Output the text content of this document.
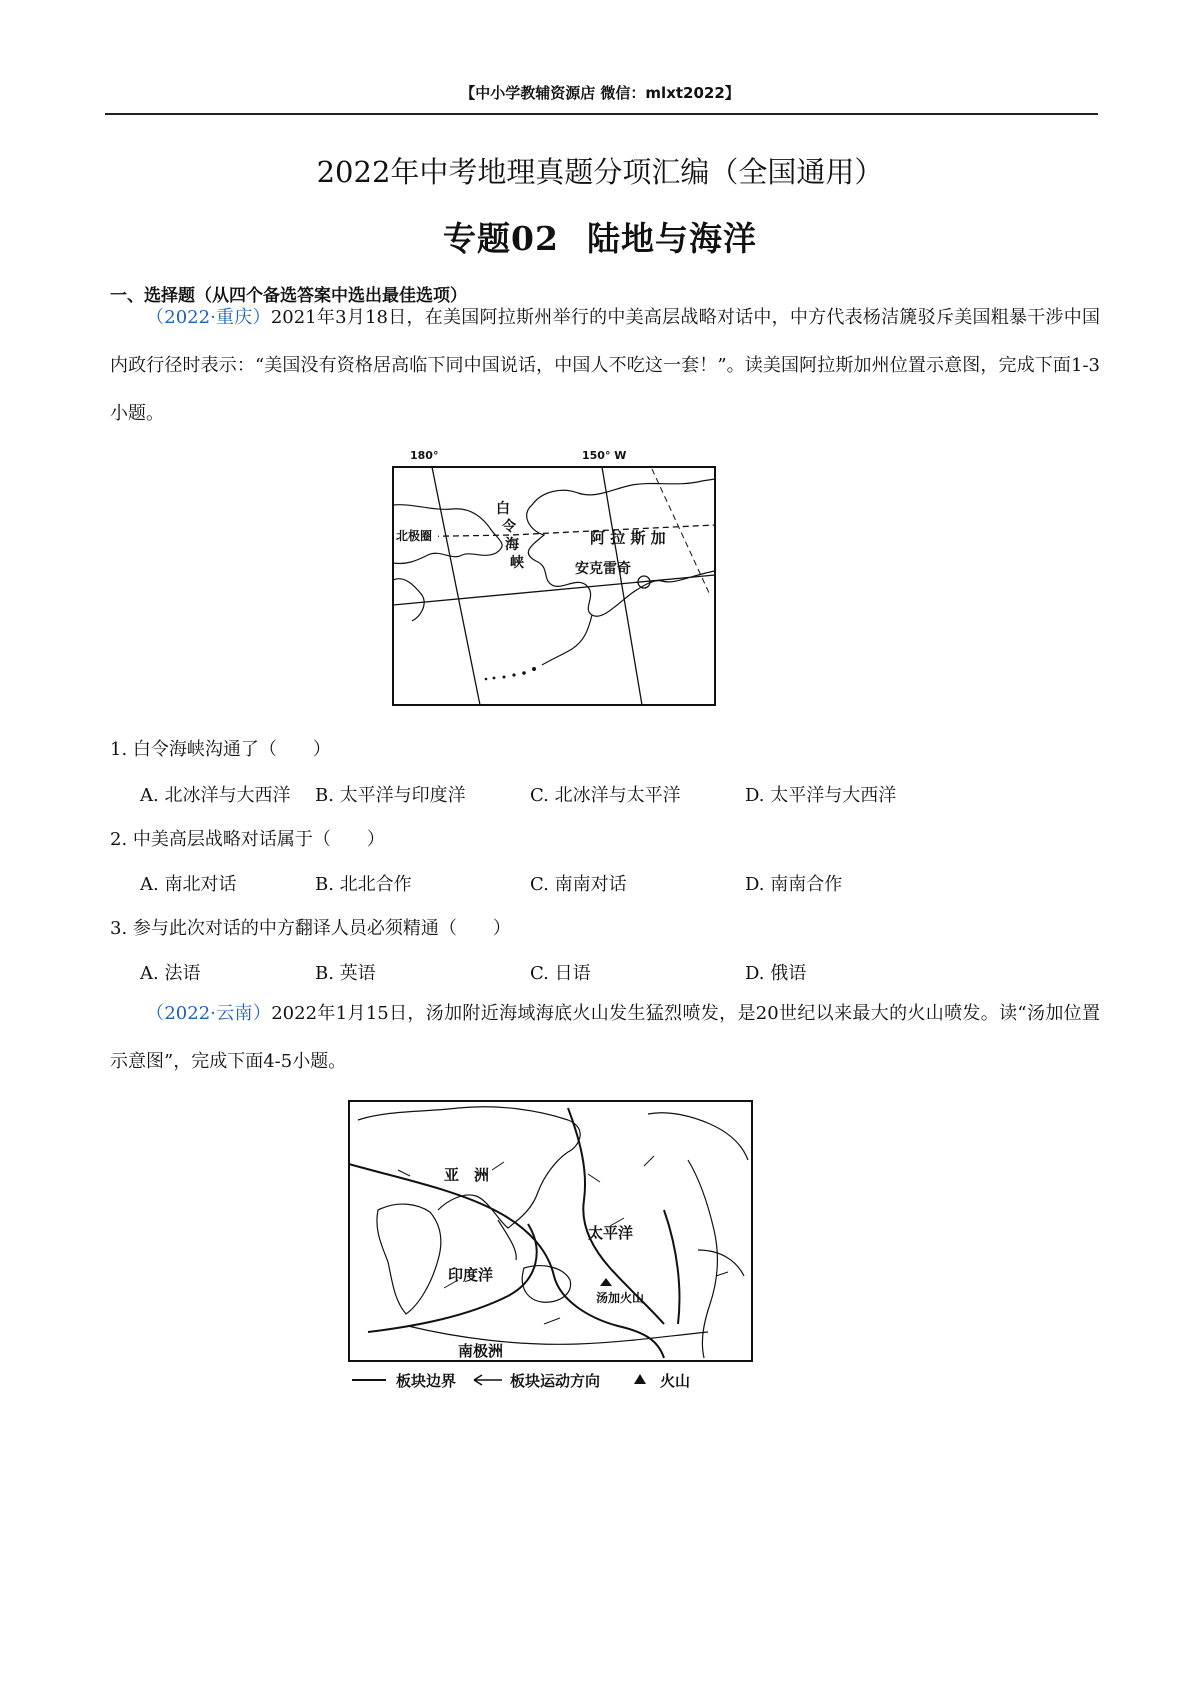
【中小学教辅资源店 微信：mlxt2022】
2022年中考地理真题分项汇编（全国通用）
专题02 陆地与海洋
一、选择题（从四个备选答案中选出最佳选项）
（2022·重庆）2021年3月18日，在美国阿拉斯州举行的中美高层战略对话中，中方代表杨洁篪驳斥美国粗暴干涉中国内政行径时表示：“美国没有资格居高临下同中国说话，中国人不吃这一套！”。读美国阿拉斯加州位置示意图，完成下面1-3小题。
180°	150° W
北极圈
白
令
海
峡
阿 拉 斯 加
安克雷奇
1. 白令海峡沟通了（　　）
A. 北冰洋与大西洋 B. 太平洋与印度洋	C. 北冰洋与太平洋	D. 太平洋与大西洋
2. 中美高层战略对话属于（　　）
A. 南北对话	B. 北北合作	C. 南南对话	D. 南南合作
3. 参与此次对话的中方翻译人员必须精通（　　）
A. 法语	B. 英语	C. 日语	D. 俄语
（2022·云南）2022年1月15日，汤加附近海域海底火山发生猛烈喷发，是20世纪以来最大的火山喷发。读“汤加位置示意图”，完成下面4-5小题。
亚　洲
太平洋
印度洋
汤加火山
南极洲
板块边界	板块运动方向	火山
